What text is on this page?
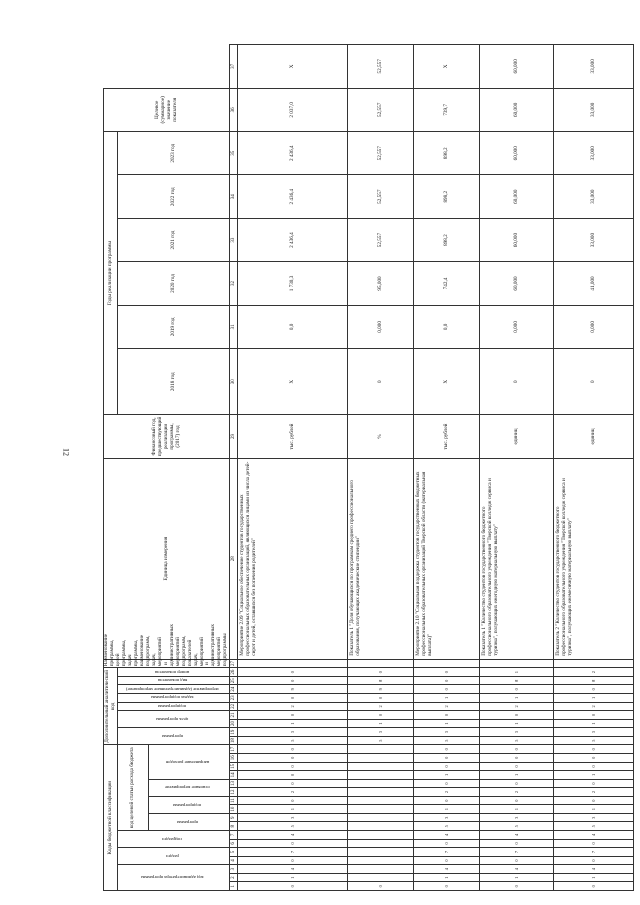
12
Коды бюджетной классификации																	Дополнительный аналитический код									Наименование программы, целей программы, задач программы, наименование подпрограмм, задач, мероприятий и административных мероприятий подпрограмм, показателей задач, мероприятий и административных мероприятий подпрограммы	Единица измерения	Финансовый год, предшествующий реализации программы, (2017) год	Годы реализации программы						Целевое (суммарное) значение показателя	
код администратора программы			раздел		подраздел		код целевой статьи расхода бюджета										программа		цель программы		подпрограмма	задача подпрограммы	мероприятие (административное мероприятие)	вид показателя	номер показателя				2018 год	2019 год	2020 год	2021 год	2022 год	2023 год		
							программа		подпрограмма		основное мероприятие		направление расходов																							
1	2	3	4	5	6	7	8	9	10	11	12	13	14	15	16	17	18	19	20	21	22	23	24	25	26	27	28	29	30	31	32	33	34	35	36	37
0	1	4	0	7	0	4	5	3	1	0	2	0	0	0	0	0	5	3	1	0	2	0	9	0	0		Мероприятие 2.09 "Социальное обеспечение студентов государственных профессиональных образовательных организаций, являющихся лицами из числа детей-сирот и детей, оставшихся без попечения родителей"	тыс. рублей	Х	0,0	1 730,3	2 436,4	2 436,4	2 436,4	2 037,0	Х
0																	5	3	1	0	2	0	9	8	0		Показатель 1 "Доля обучающихся по программам среднего профессионального образования, получающих академические стипендии"	%	0	0,000	95,000	52,557	52,557	52,557	52,557	52,557
0	1	4	0	7	0	4	5	3	1	0	2	0	1	0	0	0	5	3	1	0	2	1	0	0	0		Мероприятие 2.10 "Социальная поддержка студентов государственных бюджетных профессиональных образовательных организаций Тверской области (материальная выплата)"	тыс. рублей	Х	0,0	742,4	898,2	898,2	898,2	739,7	Х
0	1	4	0	7	0	4	5	3	1	0	2	0	1	0	0	0	5	3	1	0	2	1	0	8	1		Показатель 1 "Количество студентов государственного бюджетного профессионального образовательного учреждения "Тверской колледж сервиса и туризма", получающих ежегодную материальную выплату"	единиц	0	0,000	60,000	60,000	60,000	60,000	60,000	60,000
0	1	4	0	7	0	4	5	3	1	0	2	0	1	0	0	0	5	3	1	0	2	1	0	8	2		Показатель 2 "Количество студентов государственного бюджетного профессионального образовательного учреждения "Тверской колледж сервиса и туризма", получающих ежемесячную материальную выплату"	единиц	0	0,000	41,000	33,000	33,000	33,000	33,000	33,000
